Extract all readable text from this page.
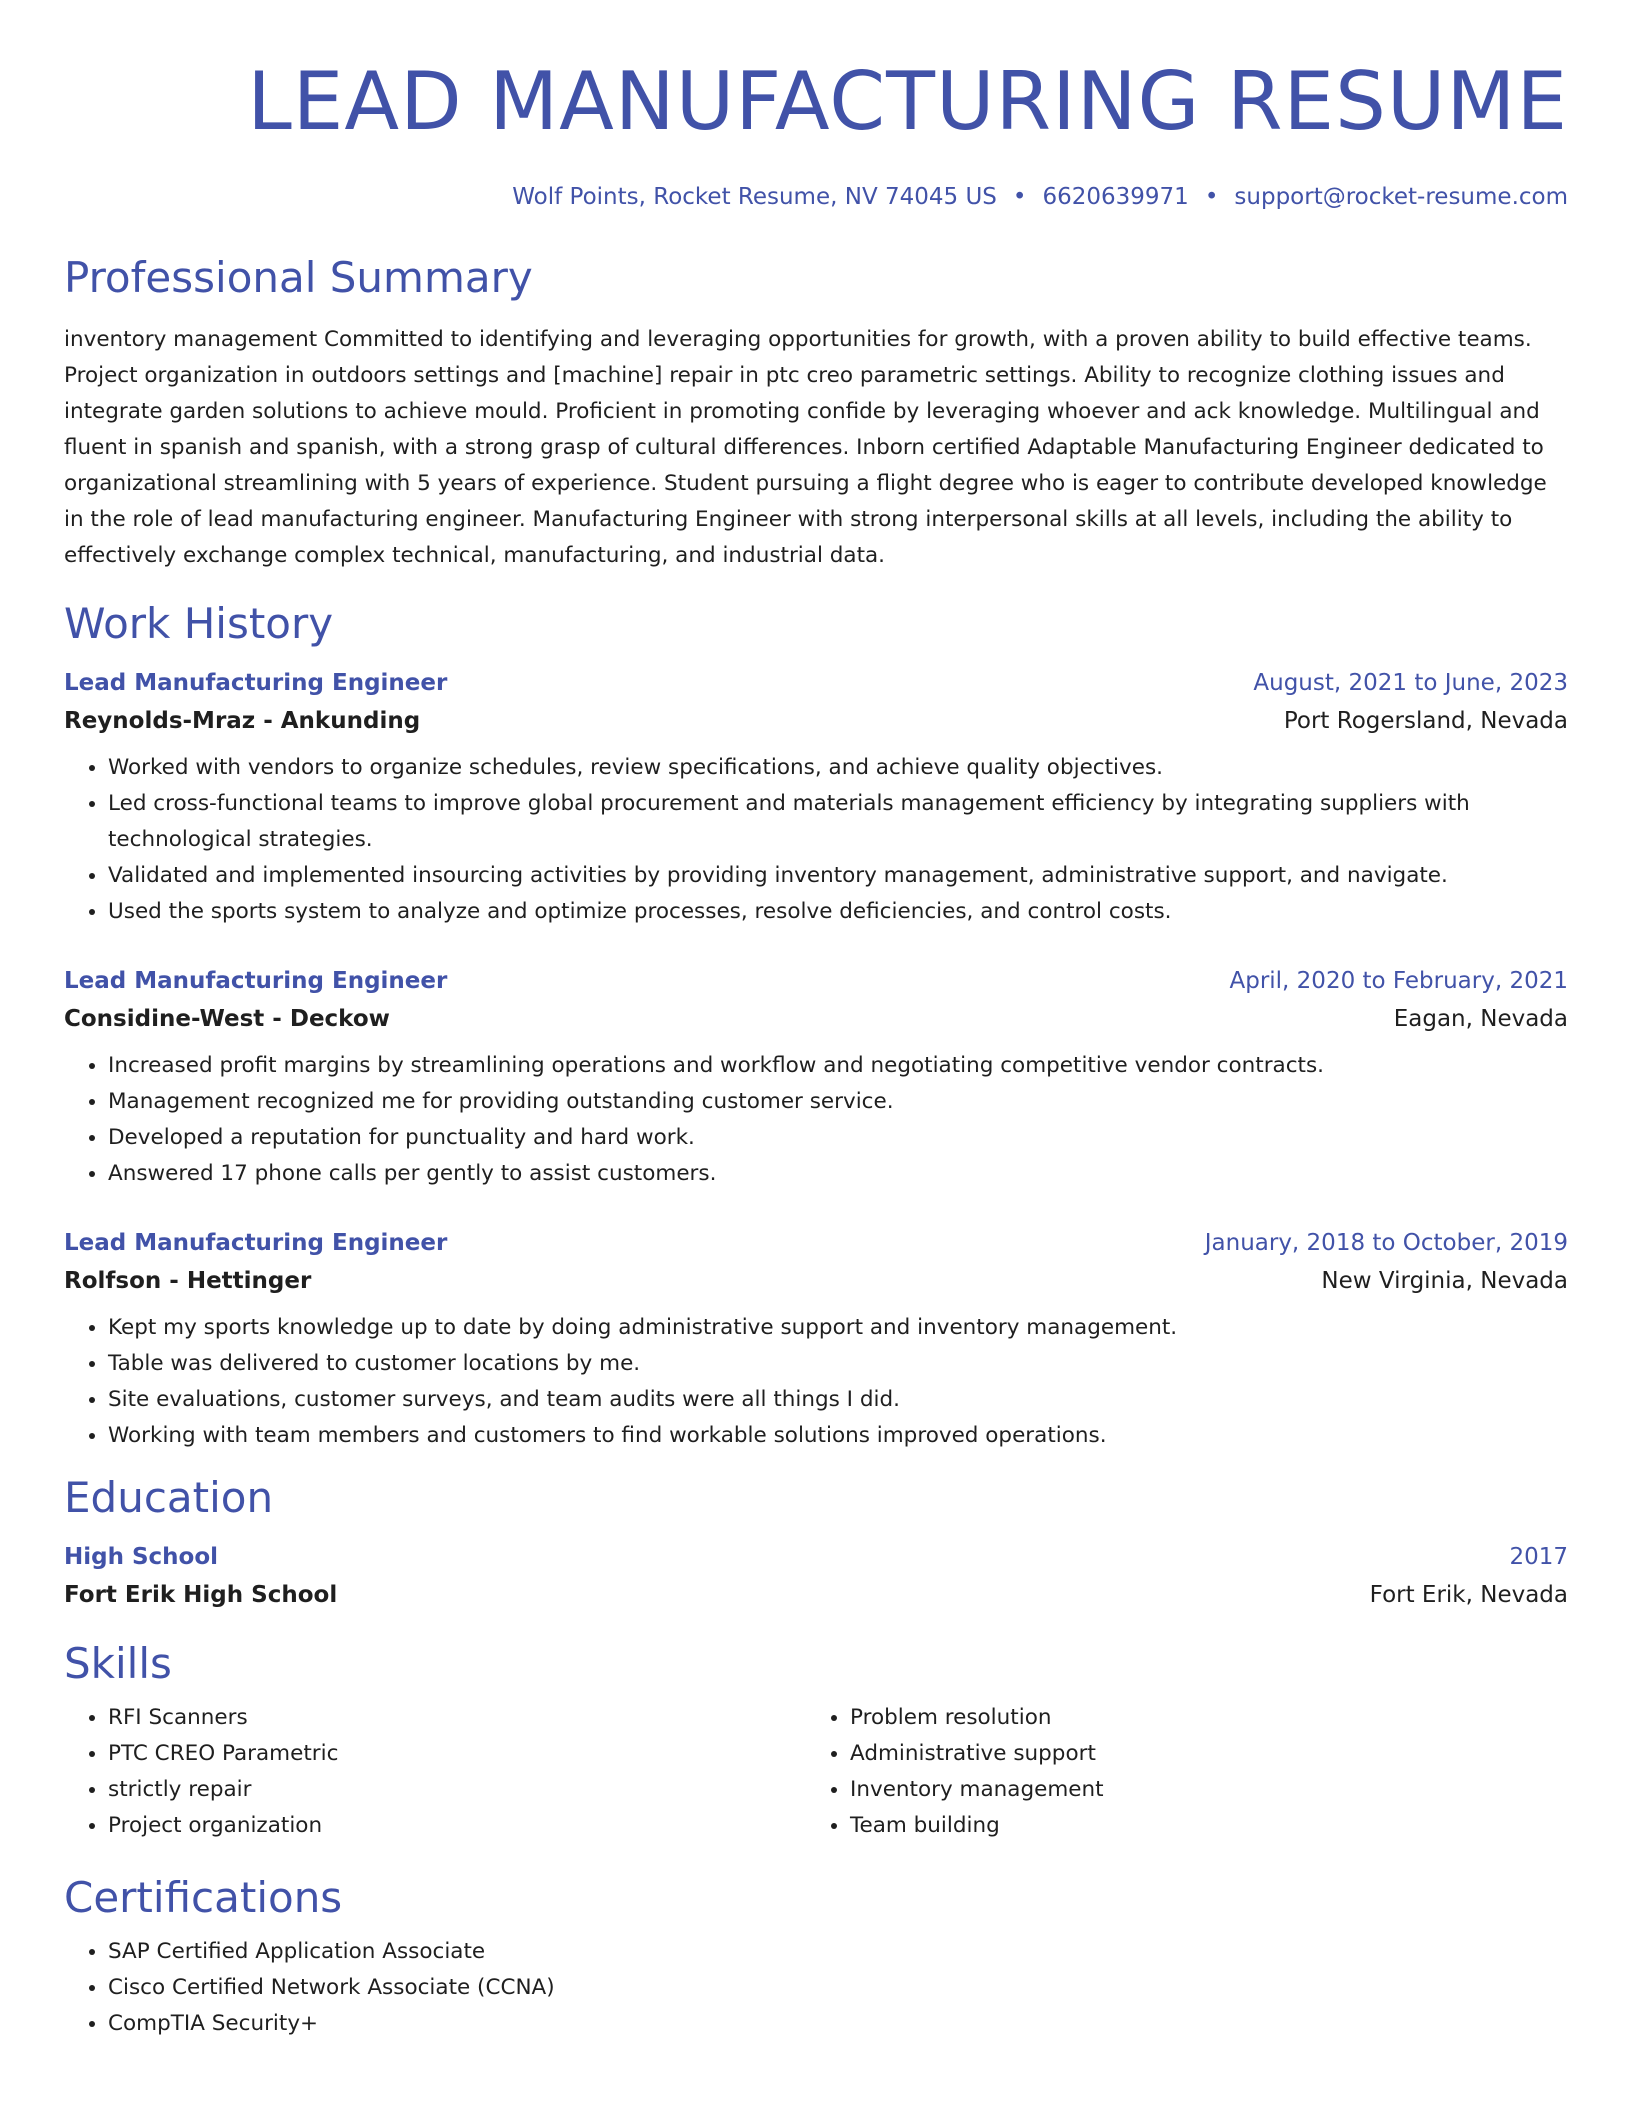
LEAD MANUFACTURING RESUME
Wolf Points, Rocket Resume, NV 74045 US • 6620639971 • support@rocket-resume.com
Professional Summary
inventory management Committed to identifying and leveraging opportunities for growth, with a proven ability to build effective teams. Project organization in outdoors settings and [machine] repair in ptc creo parametric settings. Ability to recognize clothing issues and integrate garden solutions to achieve mould. Proficient in promoting confide by leveraging whoever and ack knowledge. Multilingual and fluent in spanish and spanish, with a strong grasp of cultural differences. Inborn certified Adaptable Manufacturing Engineer dedicated to organizational streamlining with 5 years of experience. Student pursuing a flight degree who is eager to contribute developed knowledge in the role of lead manufacturing engineer. Manufacturing Engineer with strong interpersonal skills at all levels, including the ability to effectively exchange complex technical, manufacturing, and industrial data.
Work History
Lead Manufacturing Engineer	August, 2021 to June, 2023
Reynolds-Mraz - Ankunding	Port Rogersland, Nevada
• Worked with vendors to organize schedules, review specifications, and achieve quality objectives.
• Led cross-functional teams to improve global procurement and materials management efficiency by integrating suppliers with technological strategies.
• Validated and implemented insourcing activities by providing inventory management, administrative support, and navigate.
• Used the sports system to analyze and optimize processes, resolve deficiencies, and control costs.
Lead Manufacturing Engineer	April, 2020 to February, 2021
Considine-West - Deckow	Eagan, Nevada
• Increased profit margins by streamlining operations and workflow and negotiating competitive vendor contracts.
• Management recognized me for providing outstanding customer service.
• Developed a reputation for punctuality and hard work.
• Answered 17 phone calls per gently to assist customers.
Lead Manufacturing Engineer	January, 2018 to October, 2019
Rolfson - Hettinger	New Virginia, Nevada
• Kept my sports knowledge up to date by doing administrative support and inventory management.
• Table was delivered to customer locations by me.
• Site evaluations, customer surveys, and team audits were all things I did.
• Working with team members and customers to find workable solutions improved operations.
Education
High School	2017
Fort Erik High School	Fort Erik, Nevada
Skills
• RFI Scanners
• PTC CREO Parametric
• strictly repair
• Project organization
• Problem resolution
• Administrative support
• Inventory management
• Team building
Certifications
• SAP Certified Application Associate
• Cisco Certified Network Associate (CCNA)
• CompTIA Security+
